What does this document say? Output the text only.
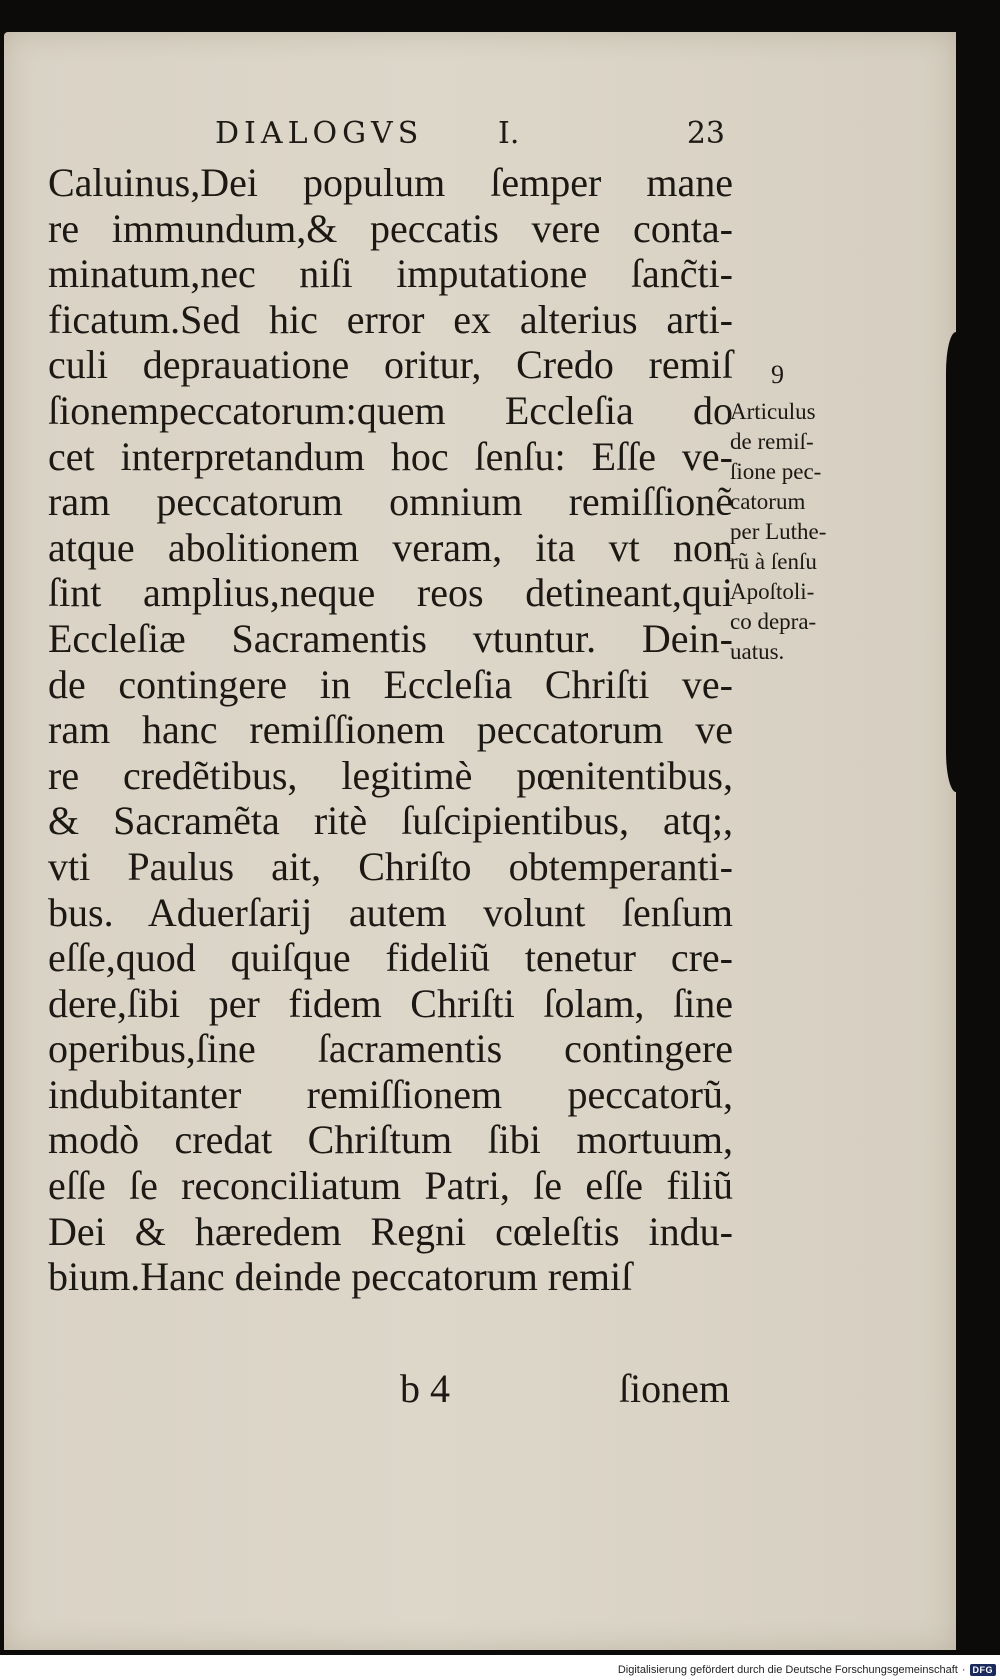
DIALOGVS I.	23
Caluinus,Dei populum ſemper mane
re immundum,& peccatis vere conta-
minatum,nec niſi imputatione ſanc̃ti-
ficatum.Sed hic error ex alterius arti-
culi deprauatione oritur, Credo remiſ
ſionempeccatorum:quem Eccleſia do
cet interpretandum hoc ſenſu: Eſſe ve-
ram peccatorum omnium remiſſionẽ
atque abolitionem veram, ita vt non
ſint amplius,neque reos detineant,qui
Eccleſiæ Sacramentis vtuntur. Dein-
de contingere in Eccleſia Chriſti ve-
ram hanc remiſſionem peccatorum ve
re credẽtibus, legitimè pœnitentibus,
& Sacramẽta ritè ſuſcipientibus, atq;,
vti Paulus ait, Chriſto obtemperanti-
bus. Aduerſarij autem volunt ſenſum
eſſe,quod quiſque fideliũ tenetur cre-
dere,ſibi per fidem Chriſti ſolam, ſine
operibus,ſine ſacramentis contingere
indubitanter remiſſionem peccatorũ,
modò credat Chriſtum ſibi mortuum,
eſſe ſe reconciliatum Patri, ſe eſſe filiũ
Dei & hæredem Regni cœleſtis indu-
bium.Hanc deinde peccatorum remiſ
9
Articulus
de remiſ-
ſione pec-
catorum
per Luthe-
rũ à ſenſu
Apoſtoli-
co depra-
uatus.
b 4	ſionem
Digitalisierung gefördert durch die Deutsche Forschungsgemeinschaft · DFG
